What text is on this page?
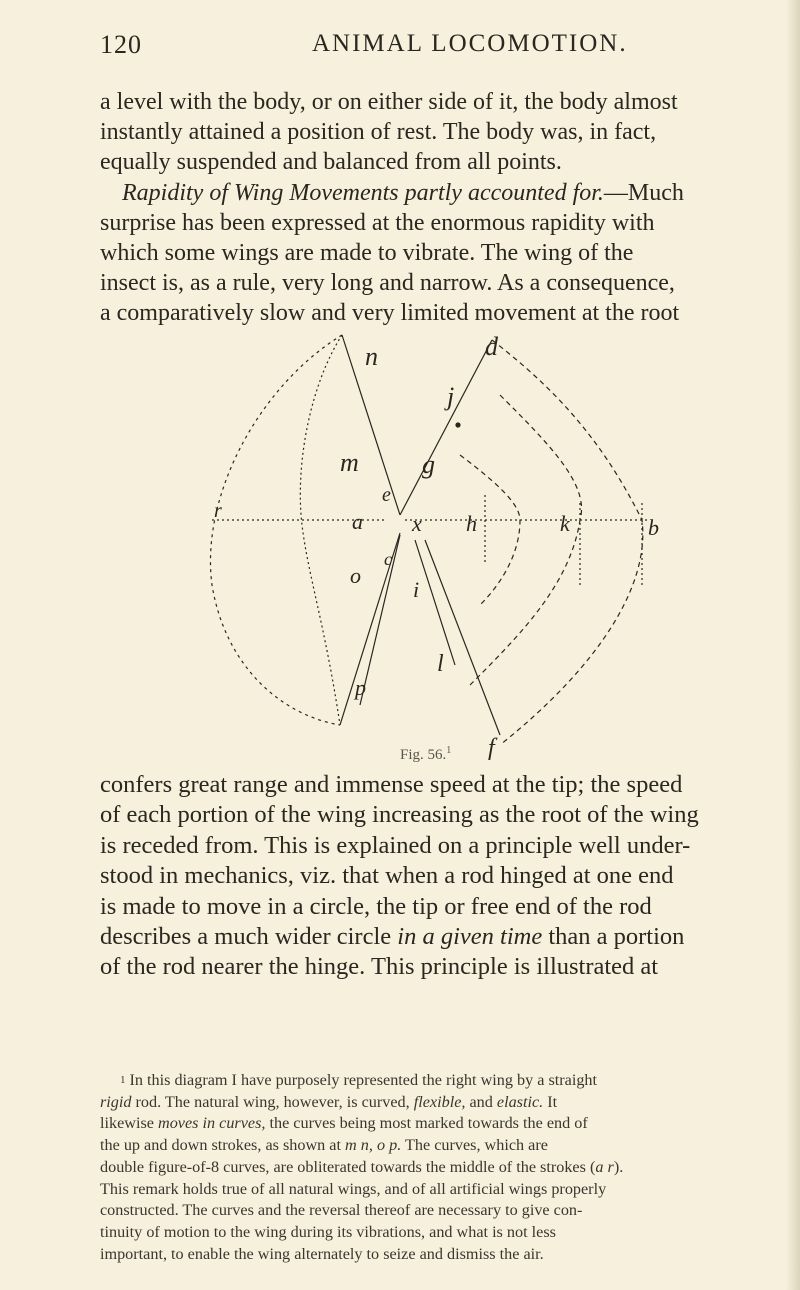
120	ANIMAL LOCOMOTION.
a level with the body, or on either side of it, the body almost
instantly attained a position of rest. The body was, in fact,
equally suspended and balanced from all points.
Rapidity of Wing Movements partly accounted for.—Much
surprise has been expressed at the enormous rapidity with
which some wings are made to vibrate. The wing of the
insect is, as a rule, very long and narrow. As a consequence,
a comparatively slow and very limited movement at the root
d
n
j
m g
e
r	a x h	k	b
c
o
i
l
p
f
Fig. 56.$^1$
confers great range and immense speed at the tip; the speed
of each portion of the wing increasing as the root of the wing
is receded from. This is explained on a principle well under-
stood in mechanics, viz. that when a rod hinged at one end
is made to move in a circle, the tip or free end of the rod
describes a much wider circle in a given time than a portion
of the rod nearer the hinge. This principle is illustrated at
$^1$ In this diagram I have purposely represented the right wing by a straight
rigid rod. The natural wing, however, is curved, flexible, and elastic. It
likewise moves in curves, the curves being most marked towards the end of
the up and down strokes, as shown at m n, o p. The curves, which are
double figure-of-8 curves, are obliterated towards the middle of the strokes (a r).
This remark holds true of all natural wings, and of all artificial wings properly
constructed. The curves and the reversal thereof are necessary to give con-
tinuity of motion to the wing during its vibrations, and what is not less
important, to enable the wing alternately to seize and dismiss the air.
